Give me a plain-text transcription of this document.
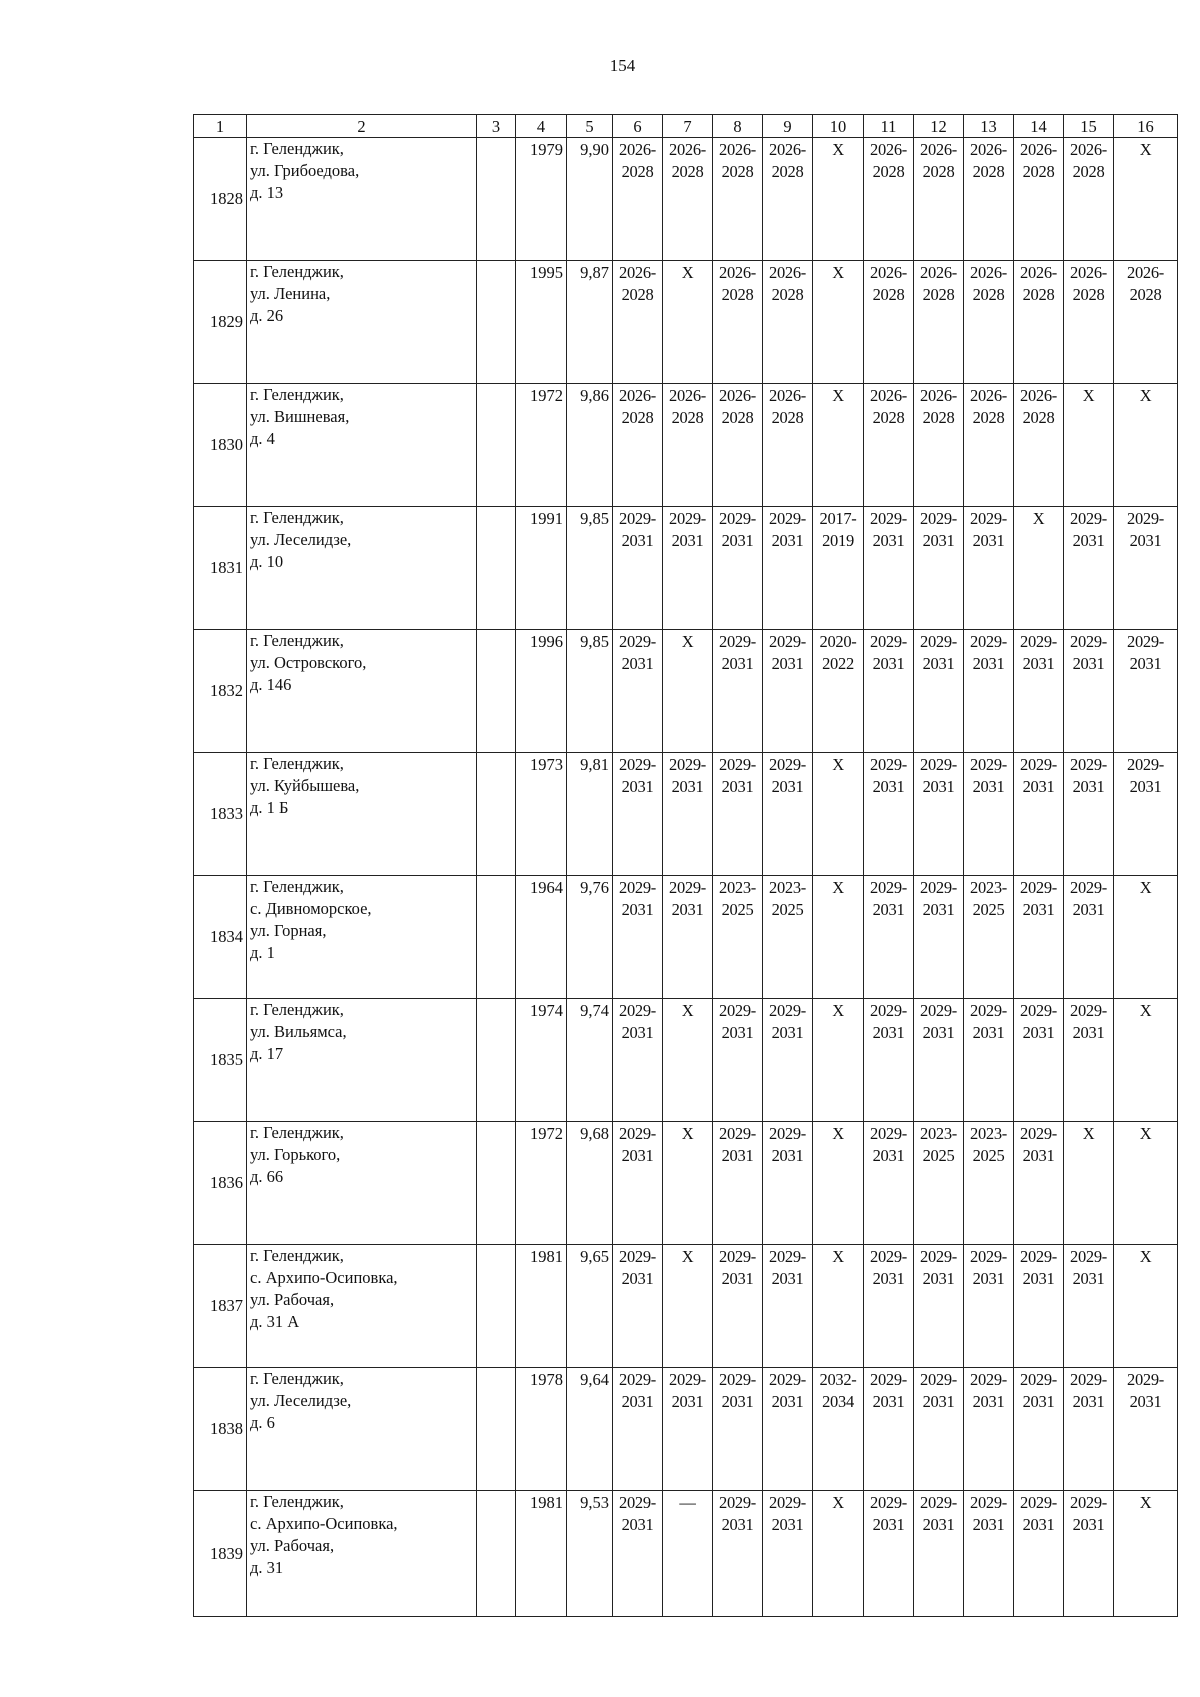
154
1	2	3	4	5	6	7	8	9	10	11	12	13	14	15	16
1828	г. Геленджик,
ул. Грибоедова,
д. 13		1979	9,90	2026-
2028	2026-
2028	2026-
2028	2026-
2028	Х	2026-
2028	2026-
2028	2026-
2028	2026-
2028	2026-
2028	Х
1829	г. Геленджик,
ул. Ленина,
д. 26		1995	9,87	2026-
2028	Х	2026-
2028	2026-
2028	Х	2026-
2028	2026-
2028	2026-
2028	2026-
2028	2026-
2028	2026-
2028
1830	г. Геленджик,
ул. Вишневая,
д. 4		1972	9,86	2026-
2028	2026-
2028	2026-
2028	2026-
2028	Х	2026-
2028	2026-
2028	2026-
2028	2026-
2028	Х	Х
1831	г. Геленджик,
ул. Леселидзе,
д. 10		1991	9,85	2029-
2031	2029-
2031	2029-
2031	2029-
2031	2017-
2019	2029-
2031	2029-
2031	2029-
2031	Х	2029-
2031	2029-
2031
1832	г. Геленджик,
ул. Островского,
д. 146		1996	9,85	2029-
2031	Х	2029-
2031	2029-
2031	2020-
2022	2029-
2031	2029-
2031	2029-
2031	2029-
2031	2029-
2031	2029-
2031
1833	г. Геленджик,
ул. Куйбышева,
д. 1 Б		1973	9,81	2029-
2031	2029-
2031	2029-
2031	2029-
2031	Х	2029-
2031	2029-
2031	2029-
2031	2029-
2031	2029-
2031	2029-
2031
1834	г. Геленджик,
с. Дивноморское,
ул. Горная,
д. 1		1964	9,76	2029-
2031	2029-
2031	2023-
2025	2023-
2025	Х	2029-
2031	2029-
2031	2023-
2025	2029-
2031	2029-
2031	Х
1835	г. Геленджик,
ул. Вильямса,
д. 17		1974	9,74	2029-
2031	Х	2029-
2031	2029-
2031	Х	2029-
2031	2029-
2031	2029-
2031	2029-
2031	2029-
2031	Х
1836	г. Геленджик,
ул. Горького,
д. 66		1972	9,68	2029-
2031	Х	2029-
2031	2029-
2031	Х	2029-
2031	2023-
2025	2023-
2025	2029-
2031	Х	Х
1837	г. Геленджик,
с. Архипо-Осиповка,
ул. Рабочая,
д. 31 А		1981	9,65	2029-
2031	Х	2029-
2031	2029-
2031	Х	2029-
2031	2029-
2031	2029-
2031	2029-
2031	2029-
2031	Х
1838	г. Геленджик,
ул. Леселидзе,
д. 6		1978	9,64	2029-
2031	2029-
2031	2029-
2031	2029-
2031	2032-
2034	2029-
2031	2029-
2031	2029-
2031	2029-
2031	2029-
2031	2029-
2031
1839	г. Геленджик,
с. Архипо-Осиповка,
ул. Рабочая,
д. 31		1981	9,53	2029-
2031	—	2029-
2031	2029-
2031	Х	2029-
2031	2029-
2031	2029-
2031	2029-
2031	2029-
2031	Х
